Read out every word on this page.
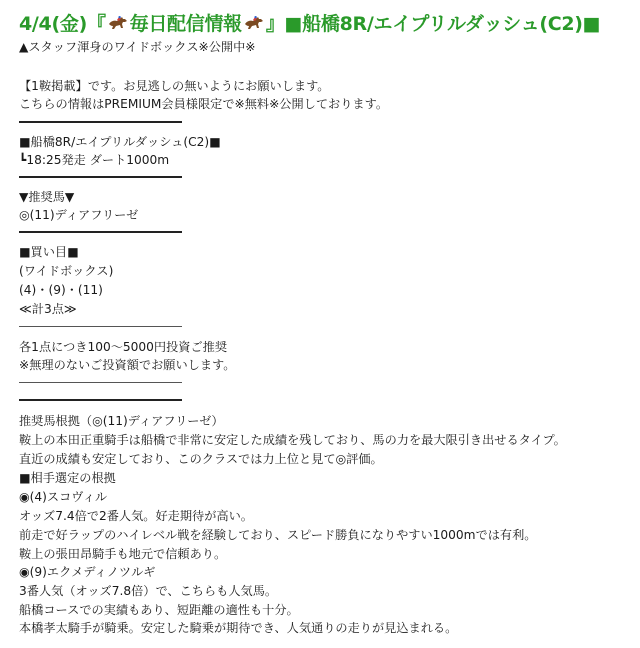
4/4(金)『 毎日配信情報 』■船橋8R/エイプリルダッシュ(C2)■
▲スタッフ渾身のワイドボックス※公開中※
【1鞍掲載】です。お見逃しの無いようにお願いします。
こちらの情報はPREMIUM会員様限定で※無料※公開しております。
■船橋8R/エイプリルダッシュ(C2)■
┗18:25発走 ダート1000m
▼推奨馬▼
◎(11)ディアフリーゼ
■買い目■
(ワイドボックス)
(4)・(9)・(11)
≪計3点≫
各1点につき100～5000円投資ご推奨
※無理のないご投資額でお願いします。
推奨馬根拠（◎(11)ディアフリーゼ）
鞍上の本田正重騎手は船橋で非常に安定した成績を残しており、馬の力を最大限引き出せるタイプ。
直近の成績も安定しており、このクラスでは力上位と見て◎評価。
■相手選定の根拠
◉(4)スコヴィル
オッズ7.4倍で2番人気。好走期待が高い。
前走で好ラップのハイレベル戦を経験しており、スピード勝負になりやすい1000mでは有利。
鞍上の張田昂騎手も地元で信頼あり。
◉(9)エクメディノツルギ
3番人気（オッズ7.8倍）で、こちらも人気馬。
船橋コースでの実績もあり、短距離の適性も十分。
本橋孝太騎手が騎乗。安定した騎乗が期待でき、人気通りの走りが見込まれる。
